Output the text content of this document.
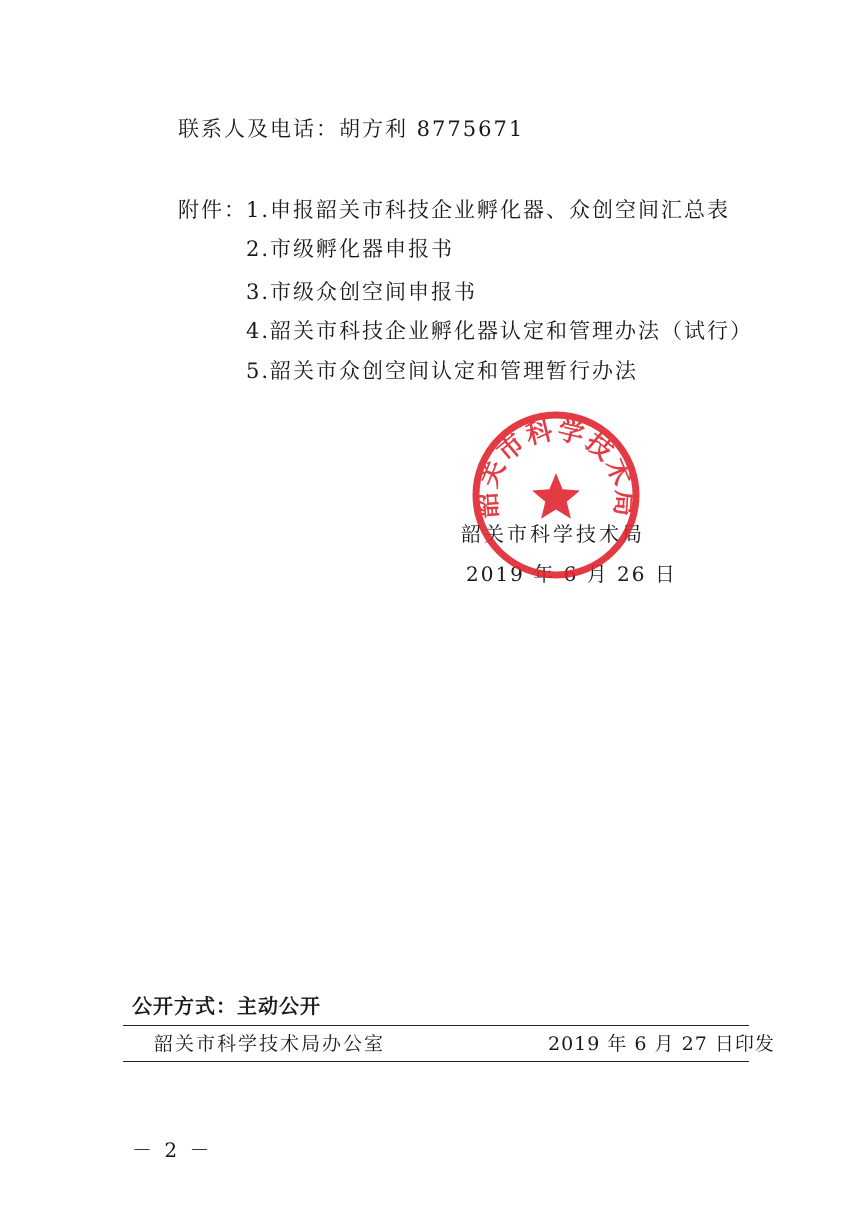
联系人及电话：胡方利 8775671
附件： 1.申报韶关市科技企业孵化器、众创空间汇总表
2.市级孵化器申报书
3.市级众创空间申报书
4.韶关市科技企业孵化器认定和管理办法（试行）
5.韶关市众创空间认定和管理暂行办法
韶关市科学技术局
2019 年 6 月 26 日
韶关市科学技术局
公开方式：主动公开
韶关市科学技术局办公室	2019 年 6 月 27 日印发
－ 2 －
